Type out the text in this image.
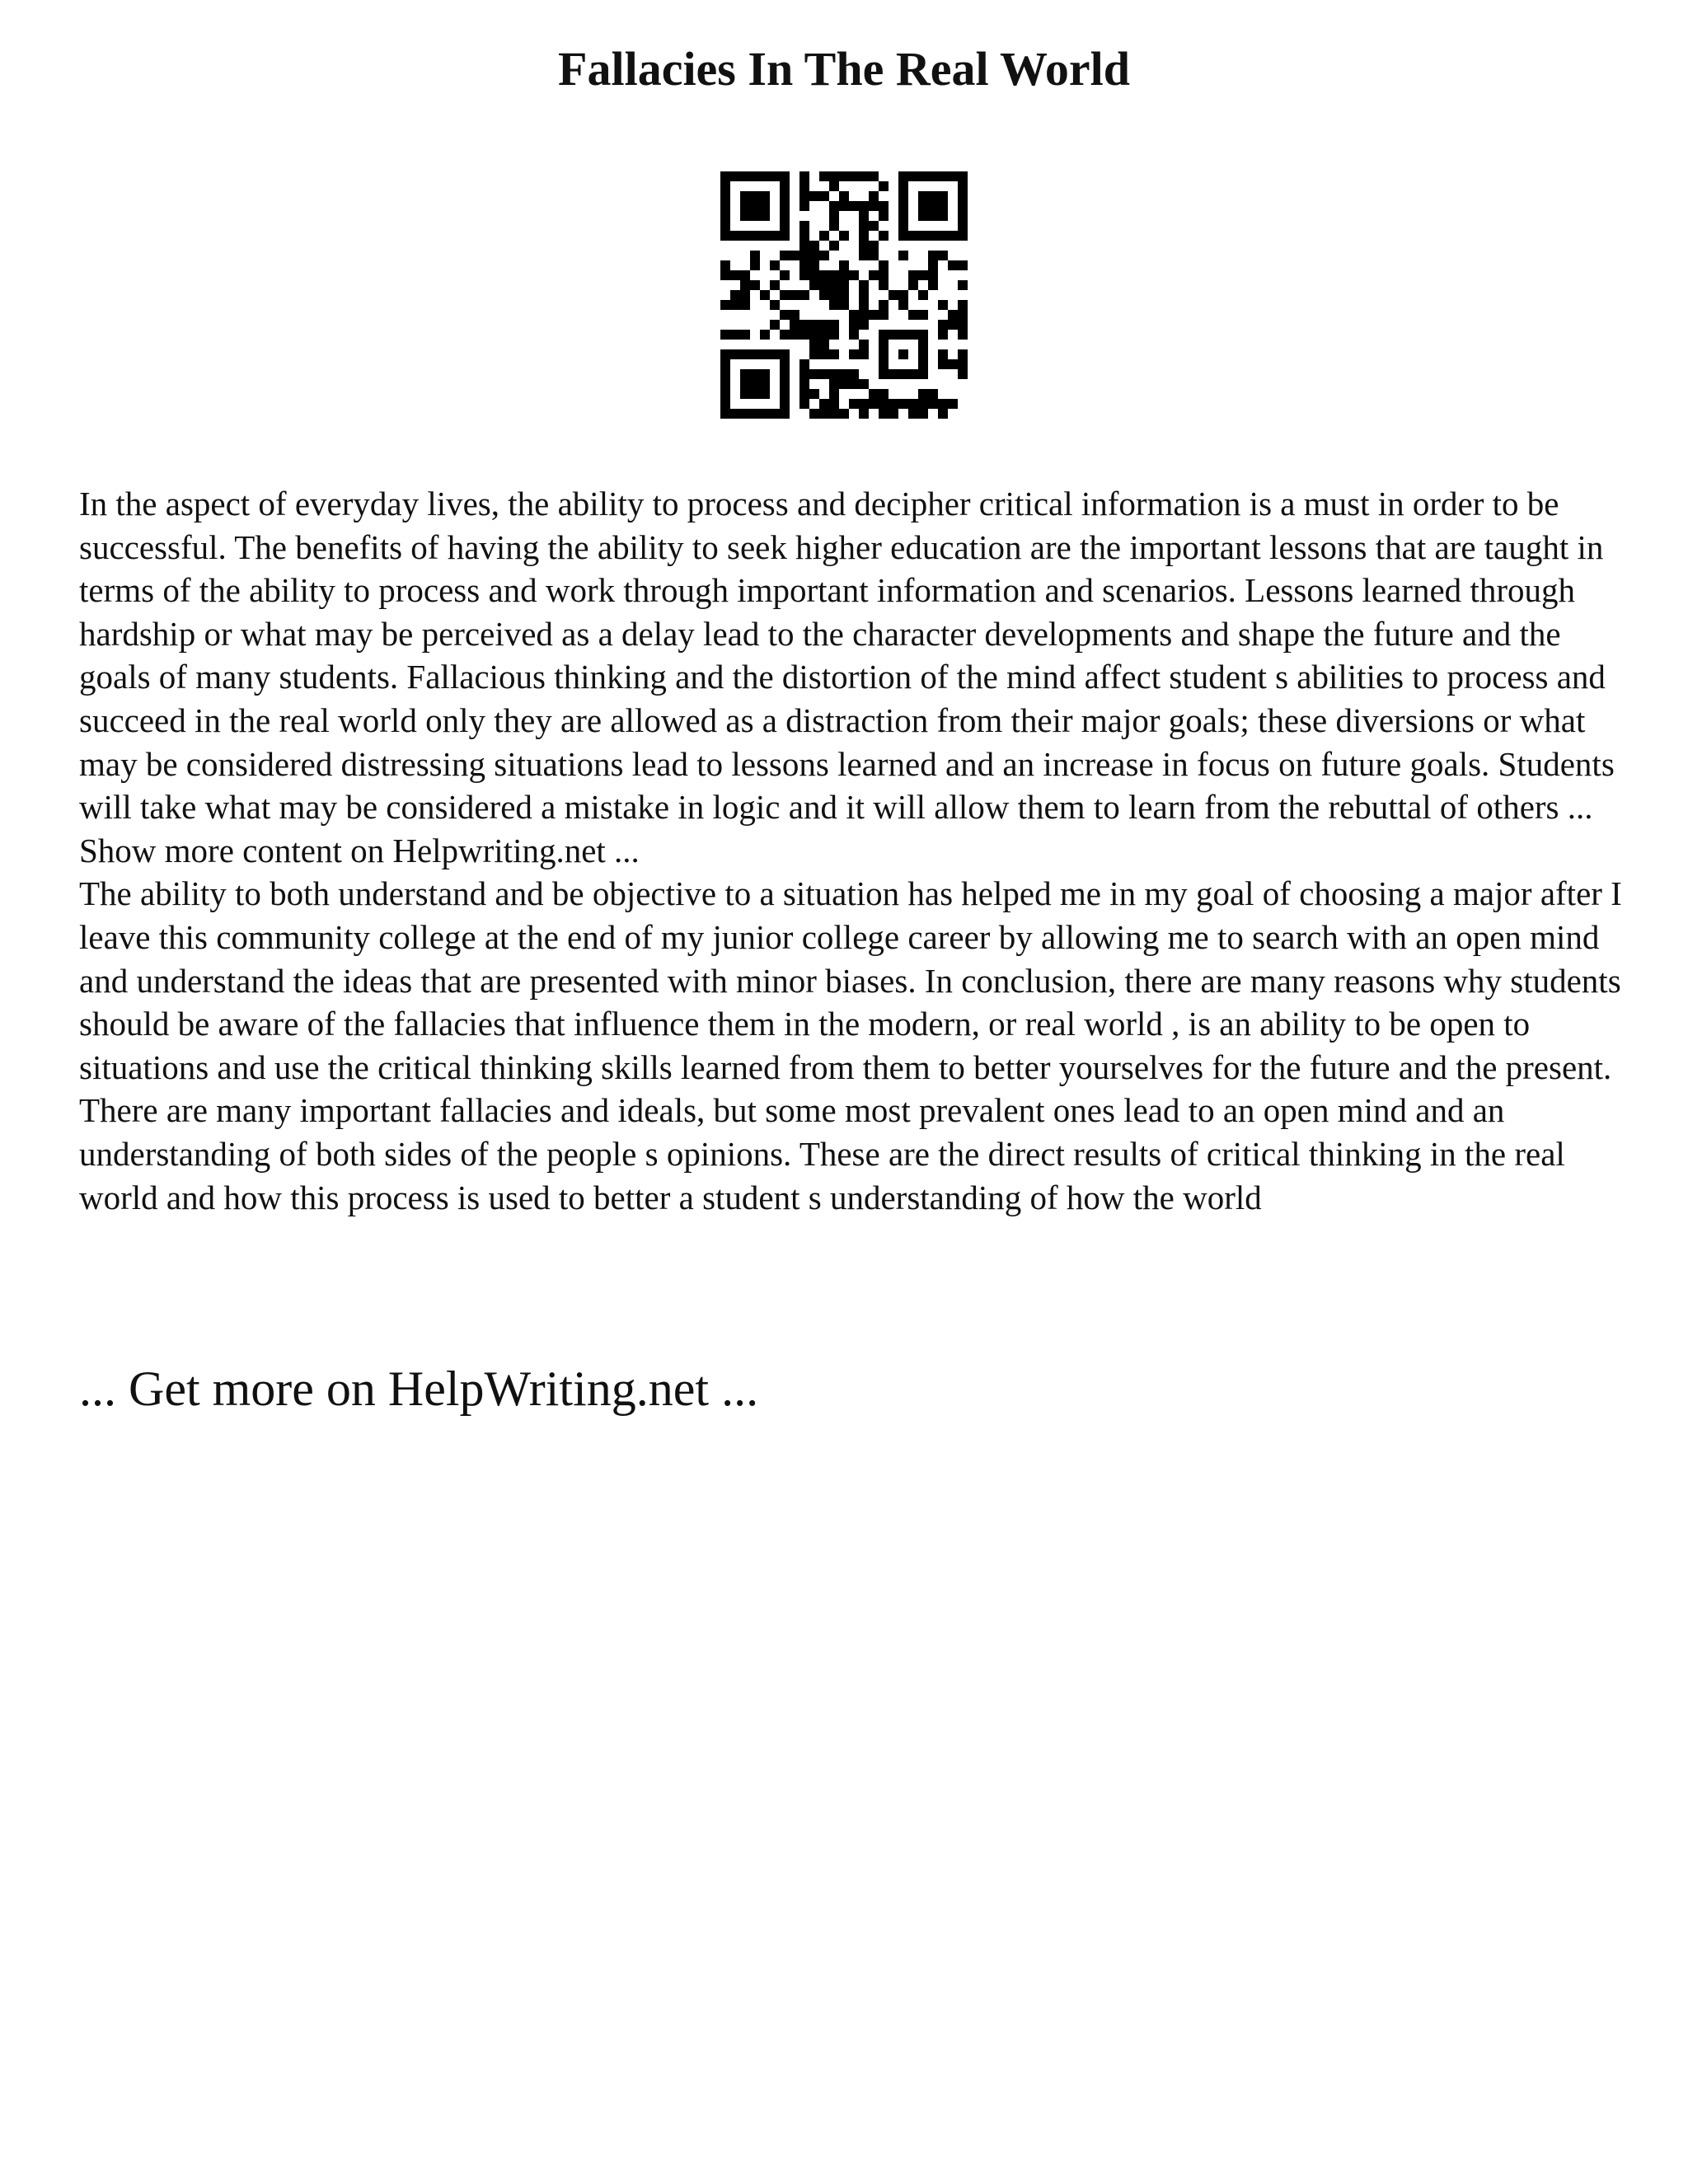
Fallacies In The Real World

In the aspect of everyday lives, the ability to process and decipher critical information is a must in order to be successful. The benefits of having the ability to seek higher education are the important lessons that are taught in terms of the ability to process and work through important information and scenarios. Lessons learned through hardship or what may be perceived as a delay lead to the character developments and shape the future and the goals of many students. Fallacious thinking and the distortion of the mind affect student s abilities to process and succeed in the real world only they are allowed as a distraction from their major goals; these diversions or what may be considered distressing situations lead to lessons learned and an increase in focus on future goals. Students will take what may be considered a mistake in logic and it will allow them to learn from the rebuttal of others ... Show more content on Helpwriting.net ...

The ability to both understand and be objective to a situation has helped me in my goal of choosing a major after I leave this community college at the end of my junior college career by allowing me to search with an open mind and understand the ideas that are presented with minor biases. In conclusion, there are many reasons why students should be aware of the fallacies that influence them in the modern, or real world , is an ability to be open to situations and use the critical thinking skills learned from them to better yourselves for the future and the present. There are many important fallacies and ideals, but some most prevalent ones lead to an open mind and an understanding of both sides of the people s opinions. These are the direct results of critical thinking in the real world and how this process is used to better a student s understanding of how the world

... Get more on HelpWriting.net ...
